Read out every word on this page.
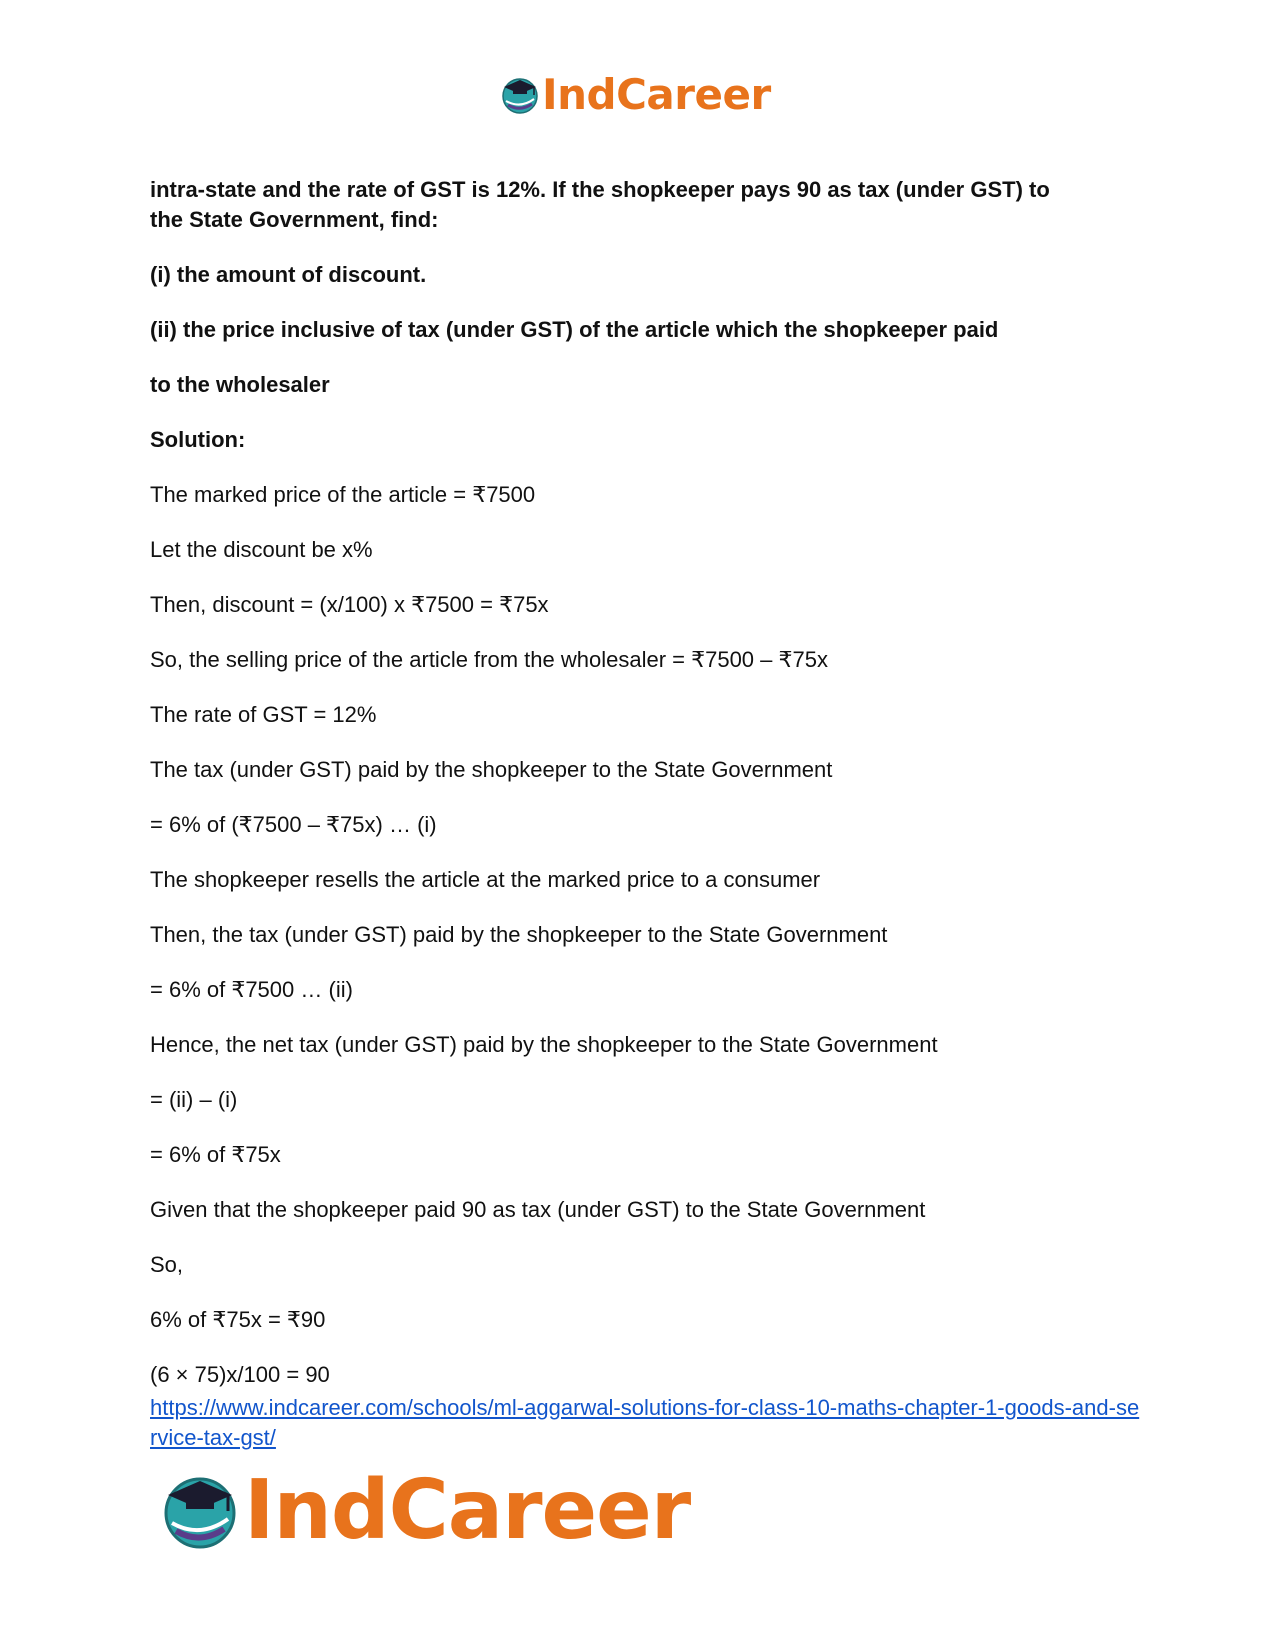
IndCareer
intra-state and the rate of GST is 12%. If the shopkeeper pays 90 as tax (under GST) to
the State Government, find:
(i) the amount of discount.
(ii) the price inclusive of tax (under GST) of the article which the shopkeeper paid
to the wholesaler
Solution:
The marked price of the article = ₹7500
Let the discount be x%
Then, discount = (x/100) x ₹7500 = ₹75x
So, the selling price of the article from the wholesaler = ₹7500 – ₹75x
The rate of GST = 12%
The tax (under GST) paid by the shopkeeper to the State Government
= 6% of (₹7500 – ₹75x) … (i)
The shopkeeper resells the article at the marked price to a consumer
Then, the tax (under GST) paid by the shopkeeper to the State Government
= 6% of ₹7500 … (ii)
Hence, the net tax (under GST) paid by the shopkeeper to the State Government
= (ii) – (i)
= 6% of ₹75x
Given that the shopkeeper paid 90 as tax (under GST) to the State Government
So,
6% of ₹75x = ₹90
(6 × 75)x/100 = 90
https://www.indcareer.com/schools/ml-aggarwal-solutions-for-class-10-maths-chapter-1-goods-and-service-tax-gst/
IndCareer
